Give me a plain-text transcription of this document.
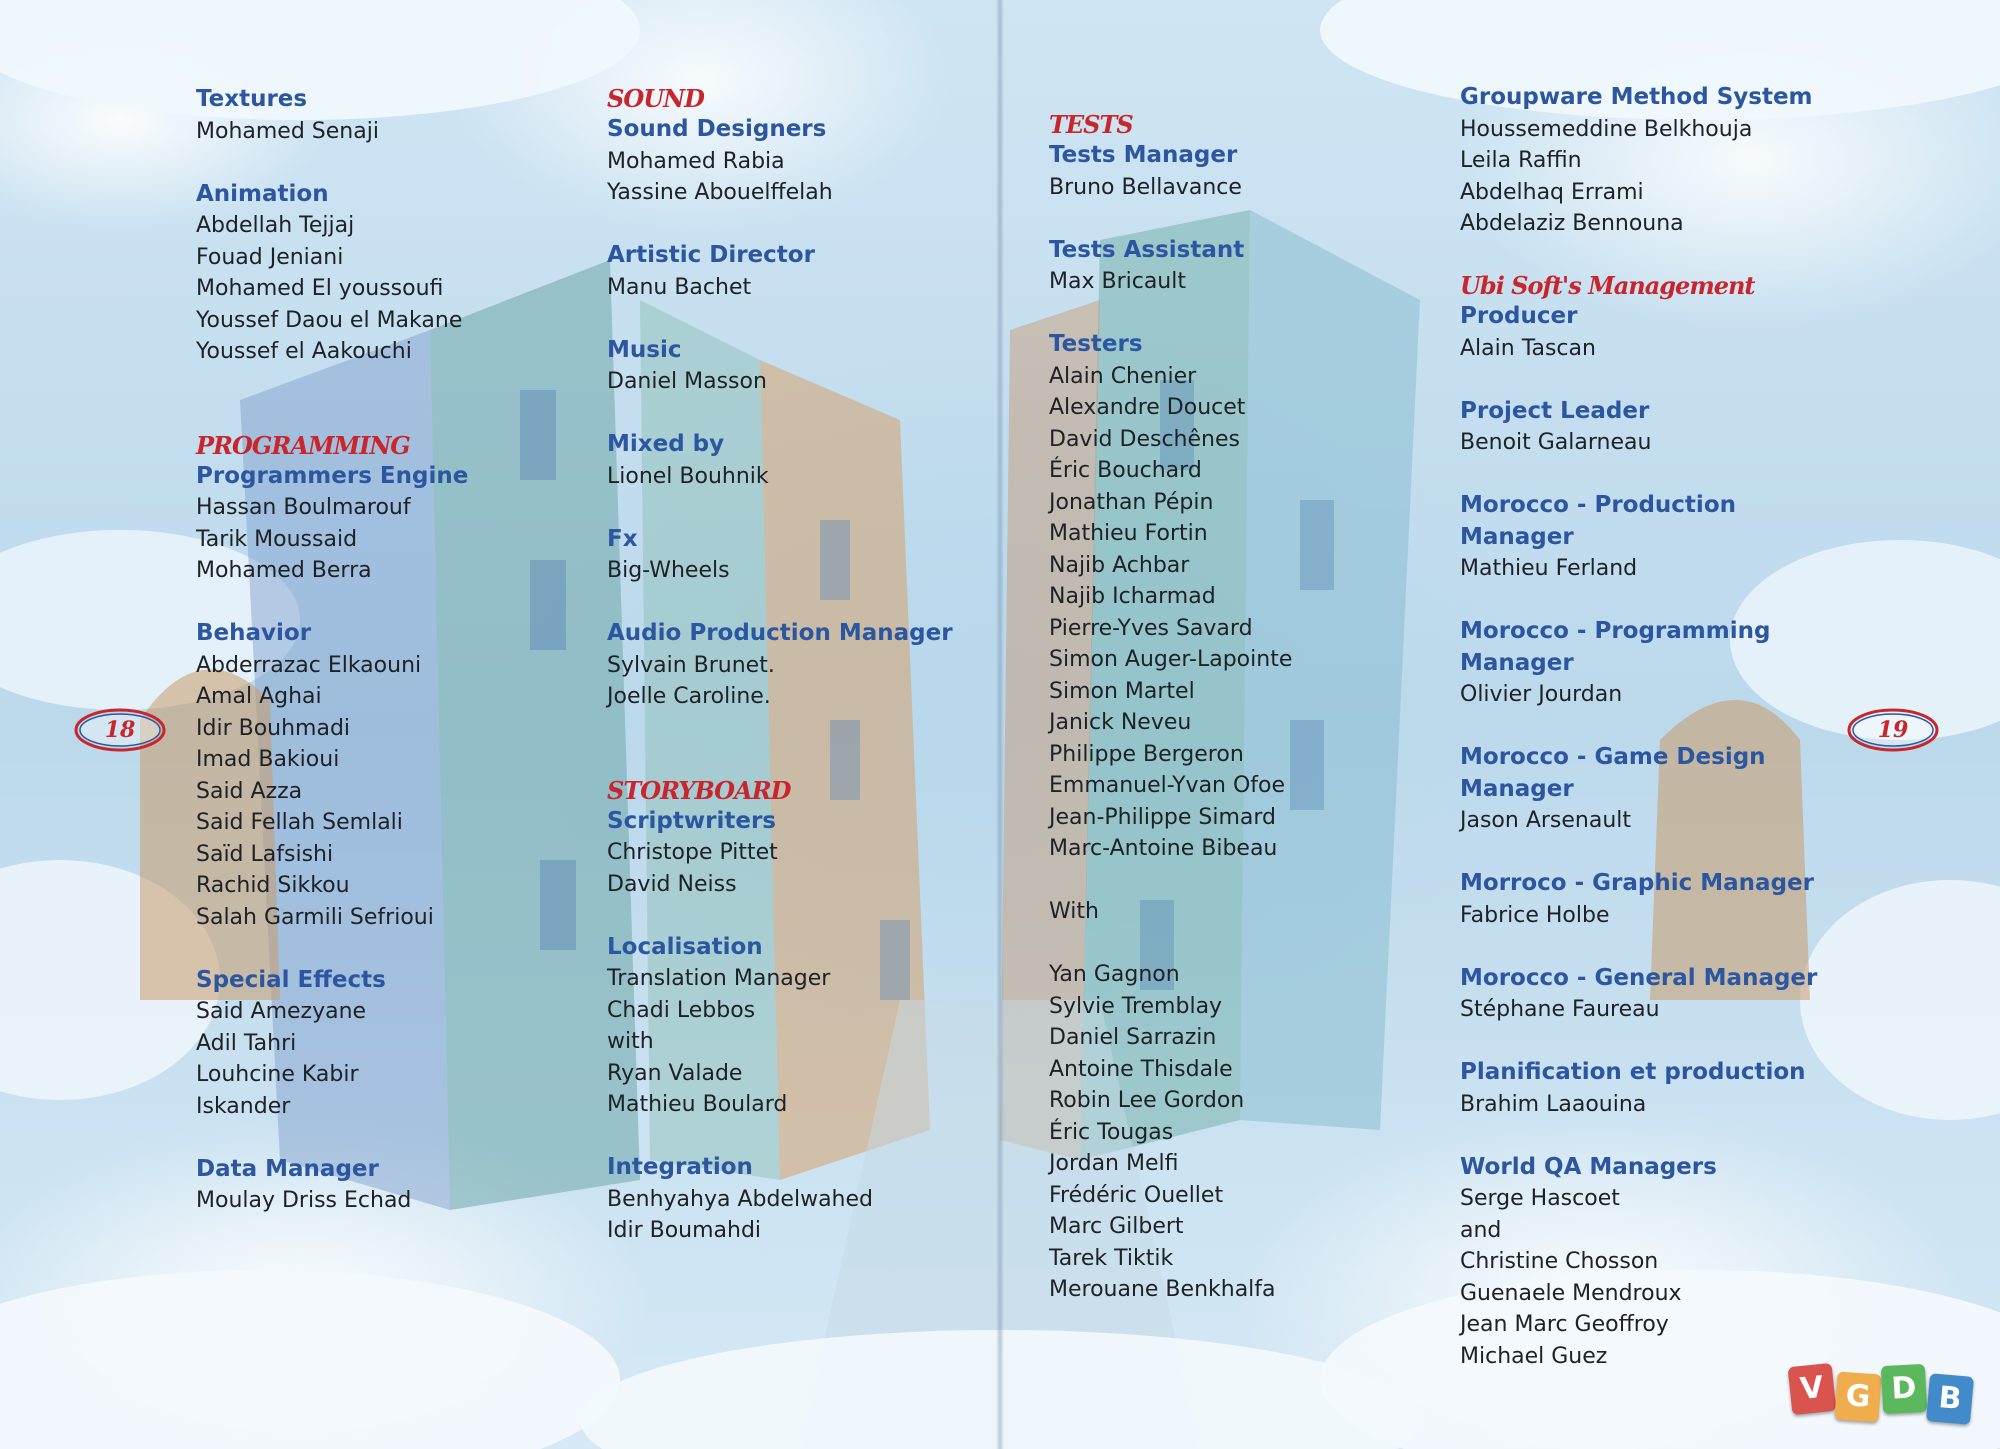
18	19
Textures
Mohamed Senaji
Animation
Abdellah Tejjaj
Fouad Jeniani
Mohamed El youssoufi
Youssef Daou el Makane
Youssef el Aakouchi
PROGRAMMING
Programmers Engine
Hassan Boulmarouf
Tarik Moussaid
Mohamed Berra
Behavior
Abderrazac Elkaouni
Amal Aghai
Idir Bouhmadi
Imad Bakioui
Said Azza
Said Fellah Semlali
Saïd Lafsishi
Rachid Sikkou
Salah Garmili Sefrioui
Special Effects
Said Amezyane
Adil Tahri
Louhcine Kabir
Iskander
Data Manager
Moulay Driss Echad
SOUND
Sound Designers
Mohamed Rabia
Yassine Abouelffelah
Artistic Director
Manu Bachet
Music
Daniel Masson
Mixed by
Lionel Bouhnik
Fx
Big-Wheels
Audio Production Manager
Sylvain Brunet.
Joelle Caroline.
STORYBOARD
Scriptwriters
Christope Pittet
David Neiss
Localisation
Translation Manager
Chadi Lebbos
with
Ryan Valade
Mathieu Boulard
Integration
Benhyahya Abdelwahed
Idir Boumahdi
TESTS
Tests Manager
Bruno Bellavance
Tests Assistant
Max Bricault
Testers
Alain Chenier
Alexandre Doucet
David Deschênes
Éric Bouchard
Jonathan Pépin
Mathieu Fortin
Najib Achbar
Najib Icharmad
Pierre-Yves Savard
Simon Auger-Lapointe
Simon Martel
Janick Neveu
Philippe Bergeron
Emmanuel-Yvan Ofoe
Jean-Philippe Simard
Marc-Antoine Bibeau
With
Yan Gagnon
Sylvie Tremblay
Daniel Sarrazin
Antoine Thisdale
Robin Lee Gordon
Éric Tougas
Jordan Melfi
Frédéric Ouellet
Marc Gilbert
Tarek Tiktik
Merouane Benkhalfa
Groupware Method System
Houssemeddine Belkhouja
Leila Raffin
Abdelhaq Errami
Abdelaziz Bennouna
Ubi Soft's Management
Producer
Alain Tascan
Project Leader
Benoit Galarneau
Morocco - Production
Manager
Mathieu Ferland
Morocco - Programming
Manager
Olivier Jourdan
Morocco - Game Design
Manager
Jason Arsenault
Morroco - Graphic Manager
Fabrice Holbe
Morocco - General Manager
Stéphane Faureau
Planification et production
Brahim Laaouina
World QA Managers
Serge Hascoet
and
Christine Chosson
Guenaele Mendroux
Jean Marc Geoffroy
Michael Guez
V G D B
